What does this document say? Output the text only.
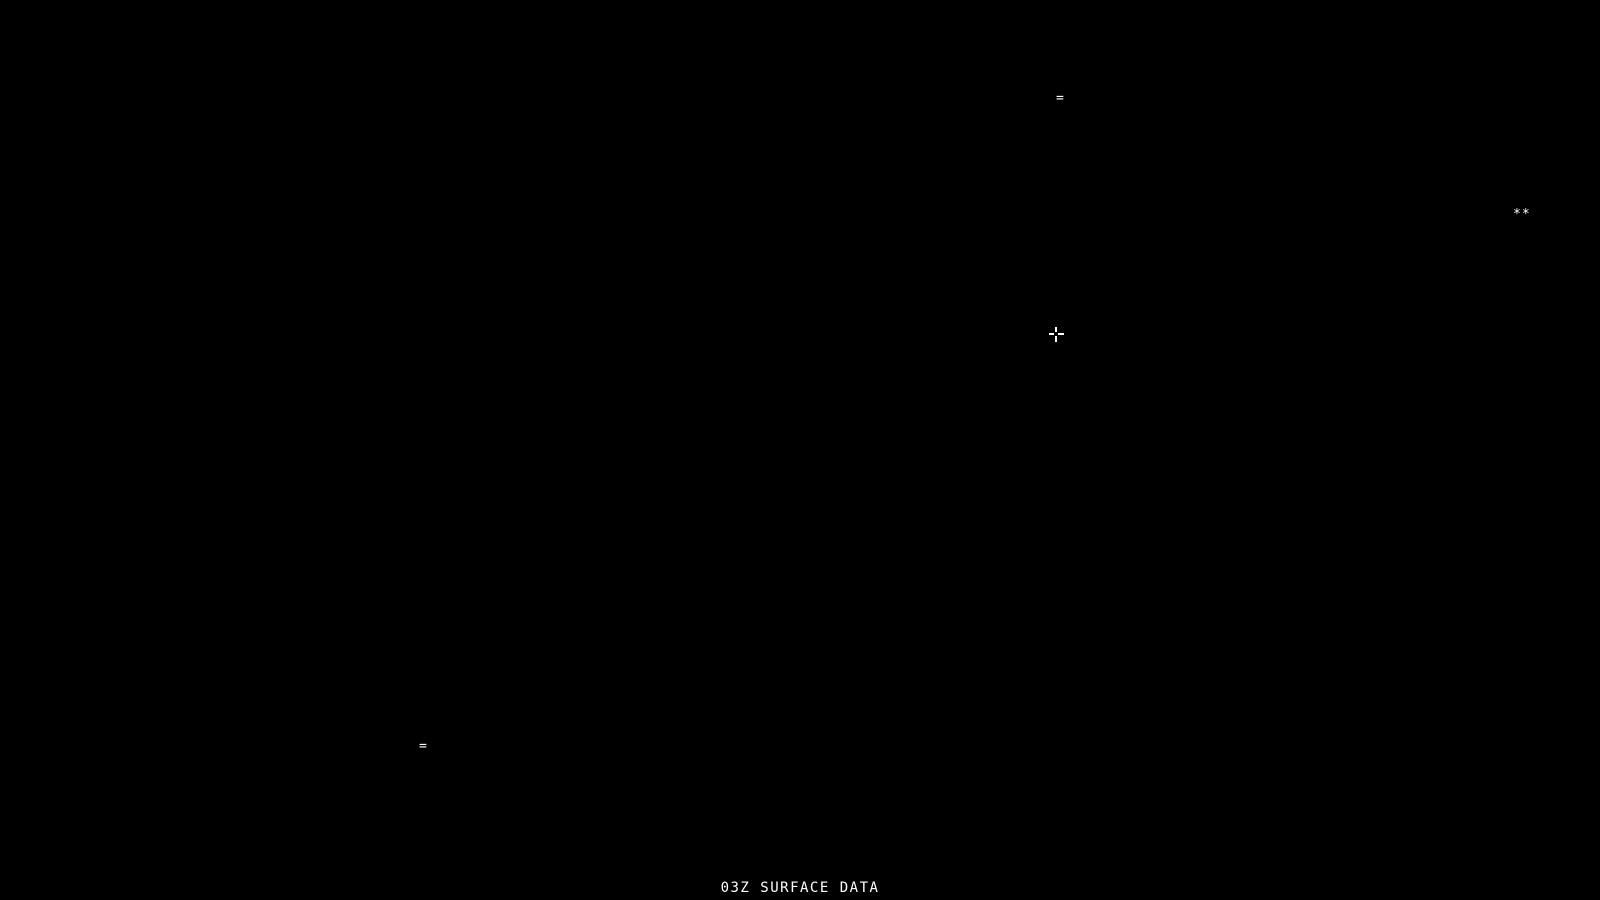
=
**
=
03Z SURFACE DATA
